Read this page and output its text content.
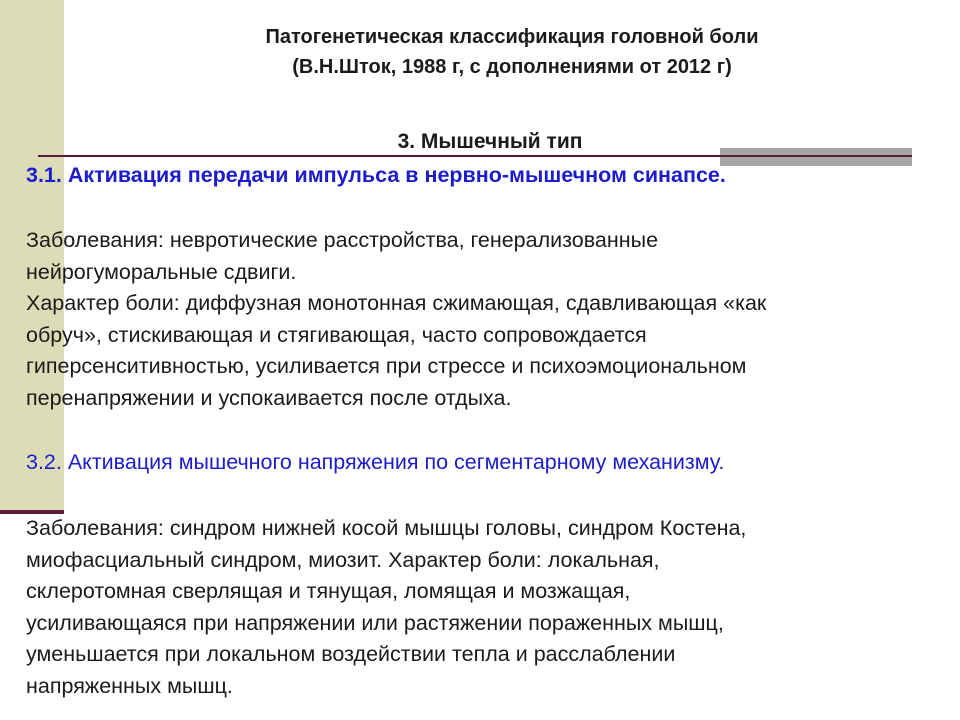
Патогенетическая классификация головной боли
(В.Н.Шток, 1988 г, с дополнениями от 2012 г)
3. Мышечный тип

3.1. Активация передачи импульса в нервно-мышечном синапсе.

Заболевания: невротические расстройства, генерализованные
нейрогуморальные сдвиги.
Характер боли: диффузная монотонная сжимающая, сдавливающая «как
обруч», стискивающая и стягивающая, часто сопровождается
гиперсенситивностью, усиливается при стрессе и психоэмоциональном
перенапряжении и успокаивается после отдыха.

3.2. Активация мышечного напряжения по сегментарному механизму.

Заболевания: синдром нижней косой мышцы головы, синдром Костена,
миофасциальный синдром, миозит. Характер боли: локальная,
склеротомная сверлящая и тянущая, ломящая и мозжащая,
усиливающаяся при напряжении или растяжении пораженных мышц,
уменьшается при локальном воздействии тепла и расслаблении
напряженных мышц.
